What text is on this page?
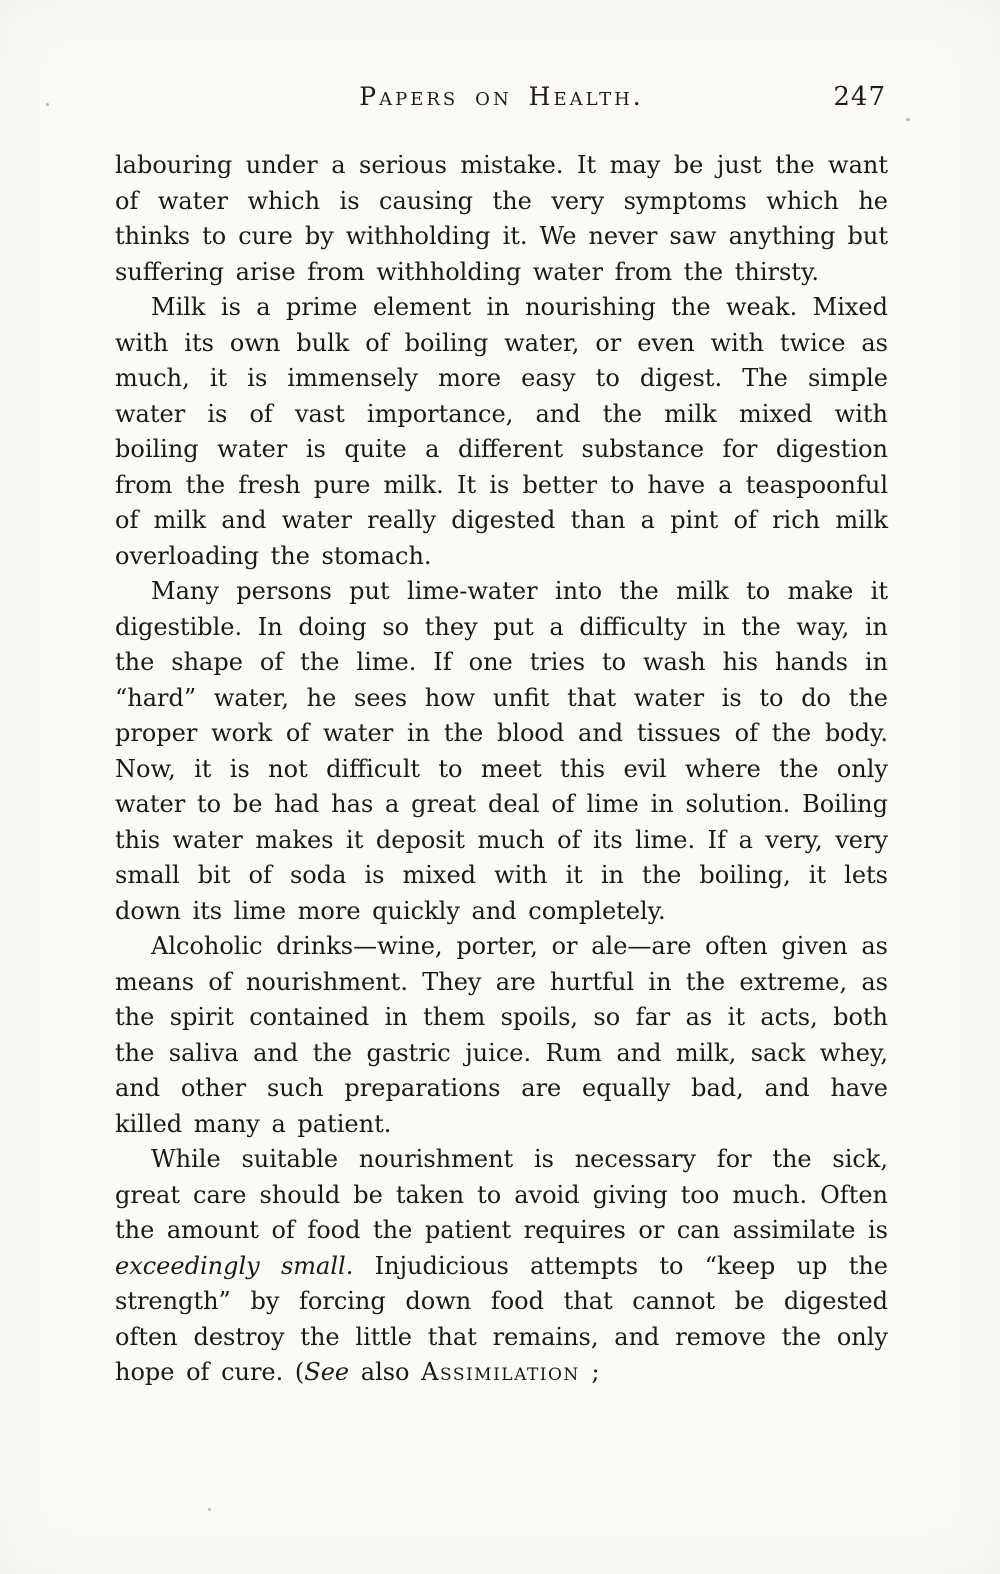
Papers on Health.	247

labouring under a serious mistake. It may be just the want of water which is causing the very symptoms which he thinks to cure by withholding it. We never saw anything but suffering arise from withholding water from the thirsty.

Milk is a prime element in nourishing the weak. Mixed with its own bulk of boiling water, or even with twice as much, it is immensely more easy to digest. The simple water is of vast importance, and the milk mixed with boiling water is quite a different substance for digestion from the fresh pure milk. It is better to have a teaspoonful of milk and water really digested than a pint of rich milk overloading the stomach.

Many persons put lime-water into the milk to make it digestible. In doing so they put a difficulty in the way, in the shape of the lime. If one tries to wash his hands in “hard” water, he sees how unfit that water is to do the proper work of water in the blood and tissues of the body. Now, it is not difficult to meet this evil where the only water to be had has a great deal of lime in solution. Boiling this water makes it deposit much of its lime. If a very, very small bit of soda is mixed with it in the boiling, it lets down its lime more quickly and completely.

Alcoholic drinks—wine, porter, or ale—are often given as means of nourishment. They are hurtful in the extreme, as the spirit contained in them spoils, so far as it acts, both the saliva and the gastric juice. Rum and milk, sack whey, and other such preparations are equally bad, and have killed many a patient.

While suitable nourishment is necessary for the sick, great care should be taken to avoid giving too much. Often the amount of food the patient requires or can assimilate is exceedingly small. Injudicious attempts to “keep up the strength” by forcing down food that cannot be digested often destroy the little that remains, and remove the only hope of cure. (See also Assimilation ;
